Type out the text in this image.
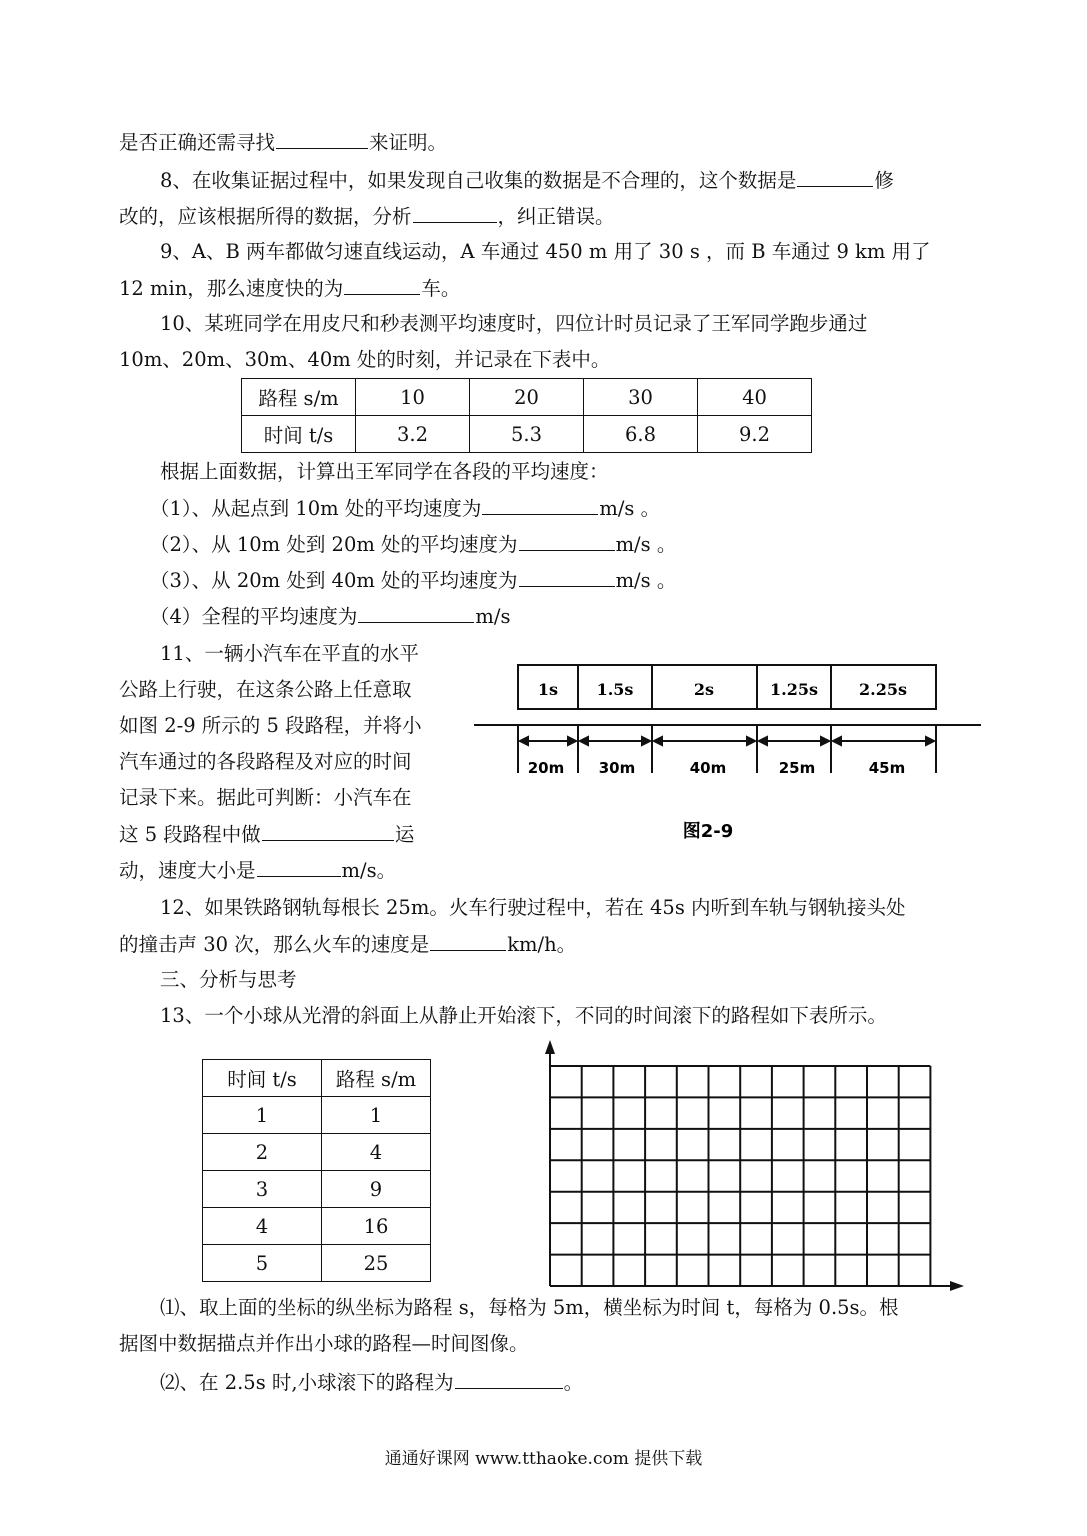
是否正确还需寻找	来证明。
8、在收集证据过程中，如果发现自己收集的数据是不合理的，这个数据是	修
改的，应该根据所得的数据，分析	，纠正错误。
9、A、B 两车都做匀速直线运动，A 车通过 450 m 用了 30 s ，而 B 车通过 9 km 用了
12 min，那么速度快的为	车。
10、某班同学在用皮尺和秒表测平均速度时，四位计时员记录了王军同学跑步通过
10m、20m、30m、40m 处的时刻，并记录在下表中。
路程 s/m	10	20	30	40
时间 t/s	3.2	5.3	6.8	9.2
根据上面数据，计算出王军同学在各段的平均速度：
（1）、从起点到 10m 处的平均速度为	m/s 。
（2）、从 10m 处到 20m 处的平均速度为	m/s 。
（3）、从 20m 处到 40m 处的平均速度为	m/s 。
（4）全程的平均速度为	m/s
11、一辆小汽车在平直的水平
公路上行驶，在这条公路上任意取
如图 2-9 所示的 5 段路程，并将小
汽车通过的各段路程及对应的时间
记录下来。据此可判断：小汽车在
这 5 段路程中做	运
动，速度大小是	m/s。
1s 1.5s	2s	1.25s	2.25s
20m 30m	40m	25m	45m
图2-9
12、如果铁路钢轨每根长 25m。火车行驶过程中，若在 45s 内听到车轨与钢轨接头处
的撞击声 30 次，那么火车的速度是	km/h。
三、分析与思考
13、一个小球从光滑的斜面上从静止开始滚下，不同的时间滚下的路程如下表所示。
时间 t/s	路程 s/m
1	1
2	4
3	9
4	16
5	25
⑴、取上面的坐标的纵坐标为路程 s，每格为 5m，横坐标为时间 t，每格为 0.5s。根
据图中数据描点并作出小球的路程—时间图像。
⑵、在 2.5s 时,小球滚下的路程为	。
通通好课网 www.tthaoke.com 提供下载
